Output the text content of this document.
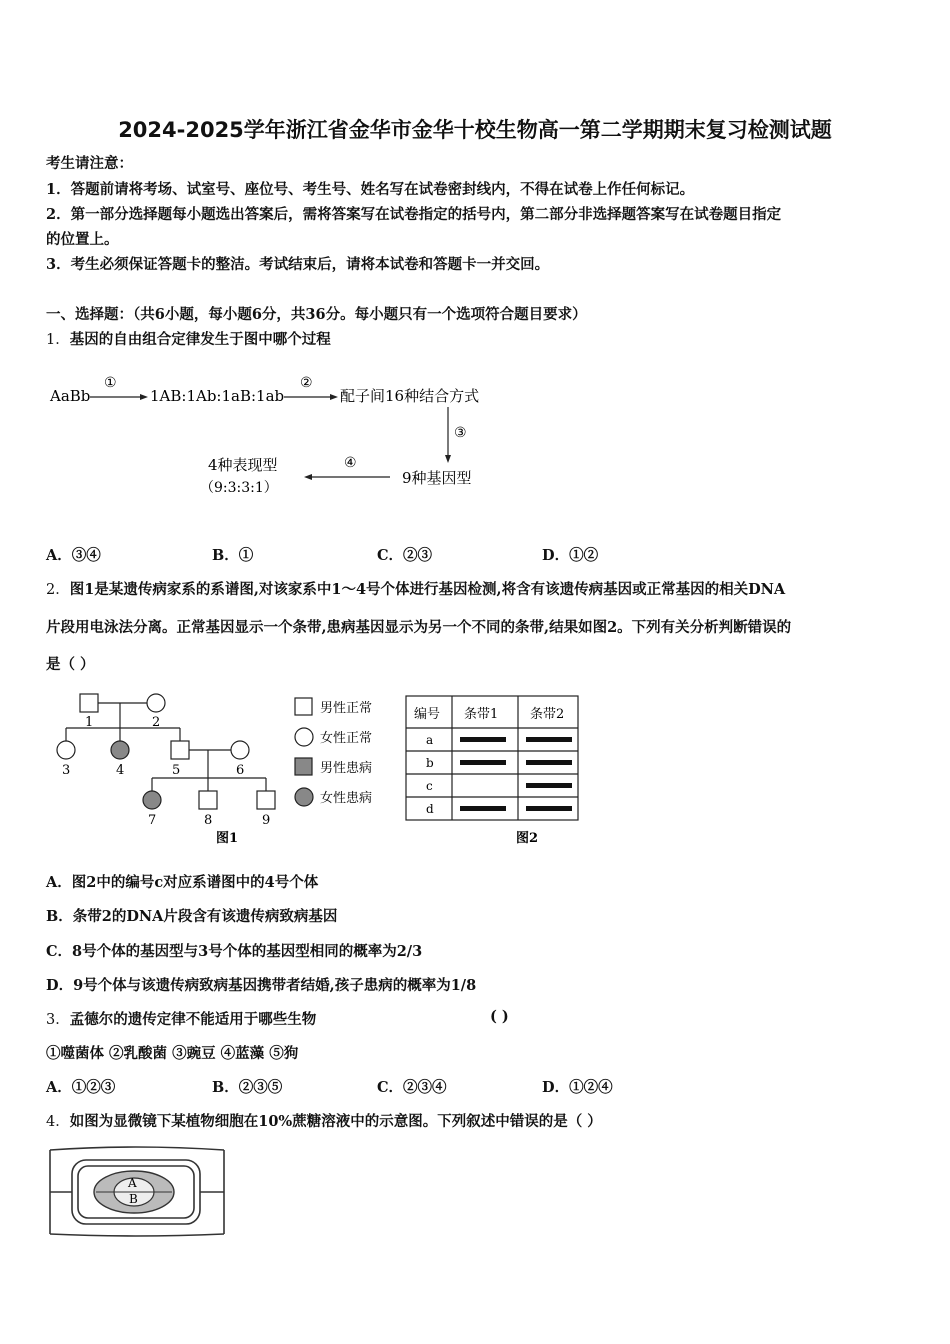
2024-2025学年浙江省金华市金华十校生物高一第二学期期末复习检测试题
考生请注意：
1．答题前请将考场、试室号、座位号、考生号、姓名写在试卷密封线内，不得在试卷上作任何标记。
2．第一部分选择题每小题选出答案后，需将答案写在试卷指定的括号内，第二部分非选择题答案写在试卷题目指定
的位置上。
3．考生必须保证答题卡的整洁。考试结束后，请将本试卷和答题卡一并交回。
一、选择题：（共6小题，每小题6分，共36分。每小题只有一个选项符合题目要求）
1．基因的自由组合定律发生于图中哪个过程
AaBb
①
1AB:1Ab:1aB:1ab
②
配子间16种结合方式
③
9种基因型
④
4种表现型
（9:3:3:1）
A．③④	B．①	C．②③	D．①②
2．图1是某遗传病家系的系谱图,对该家系中1～4号个体进行基因检测,将含有该遗传病基因或正常基因的相关DNA
片段用电泳法分离。正常基因显示一个条带,患病基因显示为另一个不同的条带,结果如图2。下列有关分析判断错误的
是（ ）
1	2
3	4	5	6
7	8	9
图1
男性正常
女性正常
男性患病
女性患病
编号 条带1 条带2
a
b
c
d
图2
A．图2中的编号c对应系谱图中的4号个体
B．条带2的DNA片段含有该遗传病致病基因
C．8号个体的基因型与3号个体的基因型相同的概率为2/3
D．9号个体与该遗传病致病基因携带者结婚,孩子患病的概率为1/8
3．孟德尔的遗传定律不能适用于哪些生物	( )
①噬菌体 ②乳酸菌 ③豌豆 ④蓝藻 ⑤狗
A．①②③	B．②③⑤	C．②③④	D．①②④
4．如图为显微镜下某植物细胞在10%蔗糖溶液中的示意图。下列叙述中错误的是（ ）
A
B
